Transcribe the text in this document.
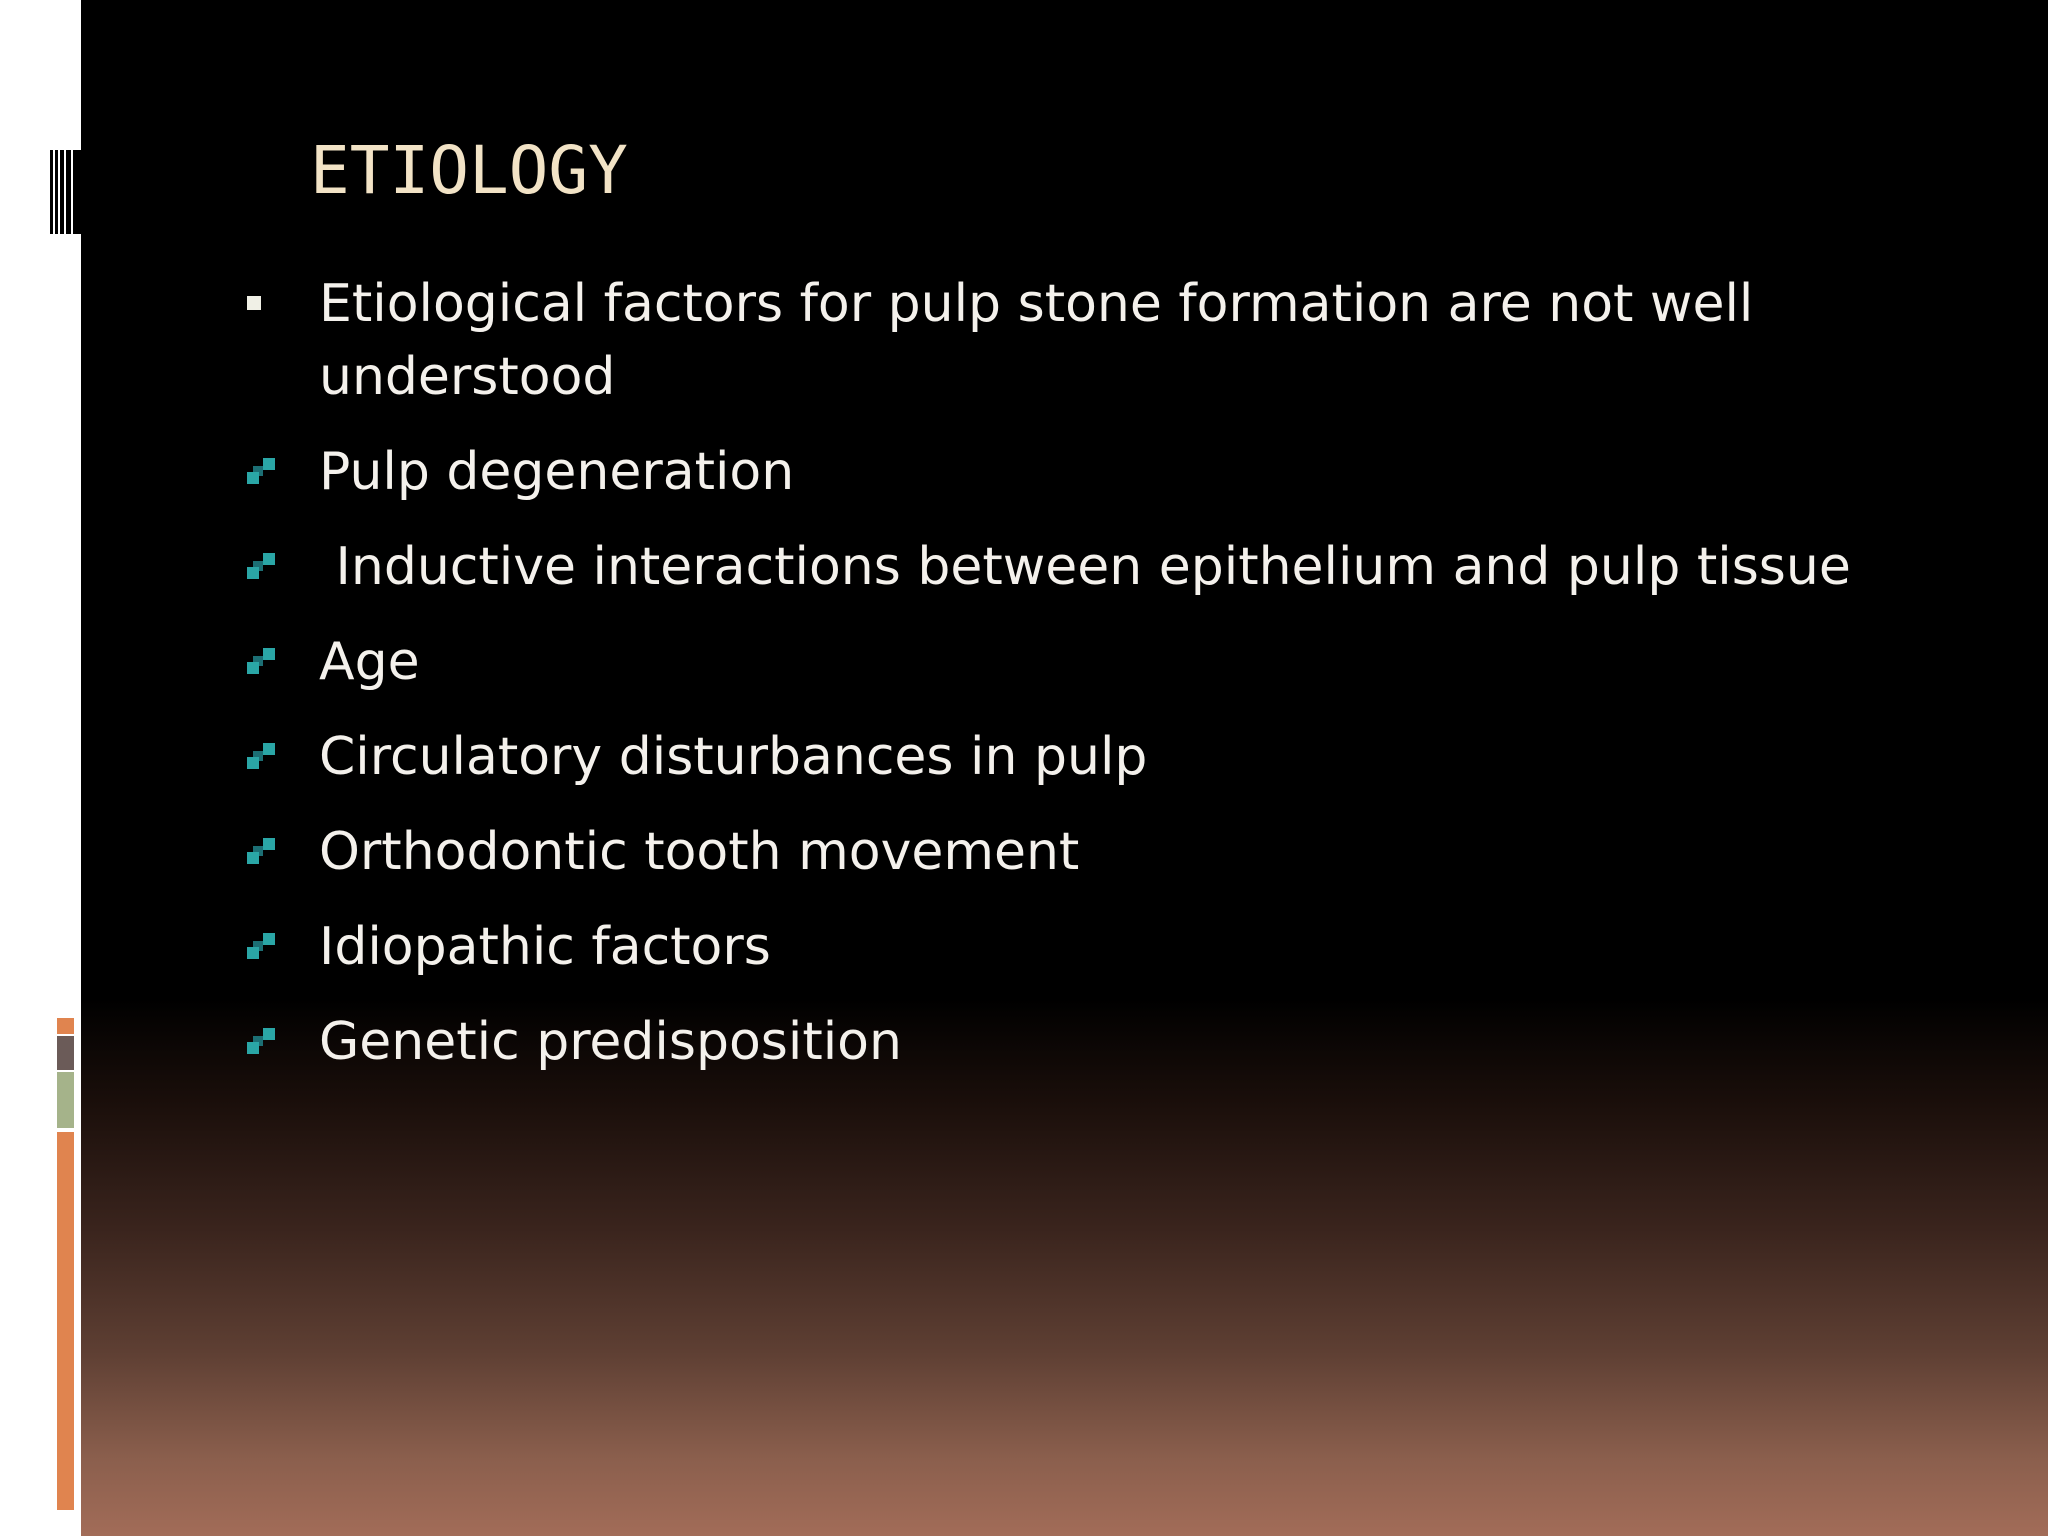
ETIOLOGY
Etiological factors for pulp stone formation are not well understood
Pulp degeneration
Inductive interactions between epithelium and pulp tissue
Age
Circulatory disturbances in pulp
Orthodontic tooth movement
Idiopathic factors
Genetic predisposition
